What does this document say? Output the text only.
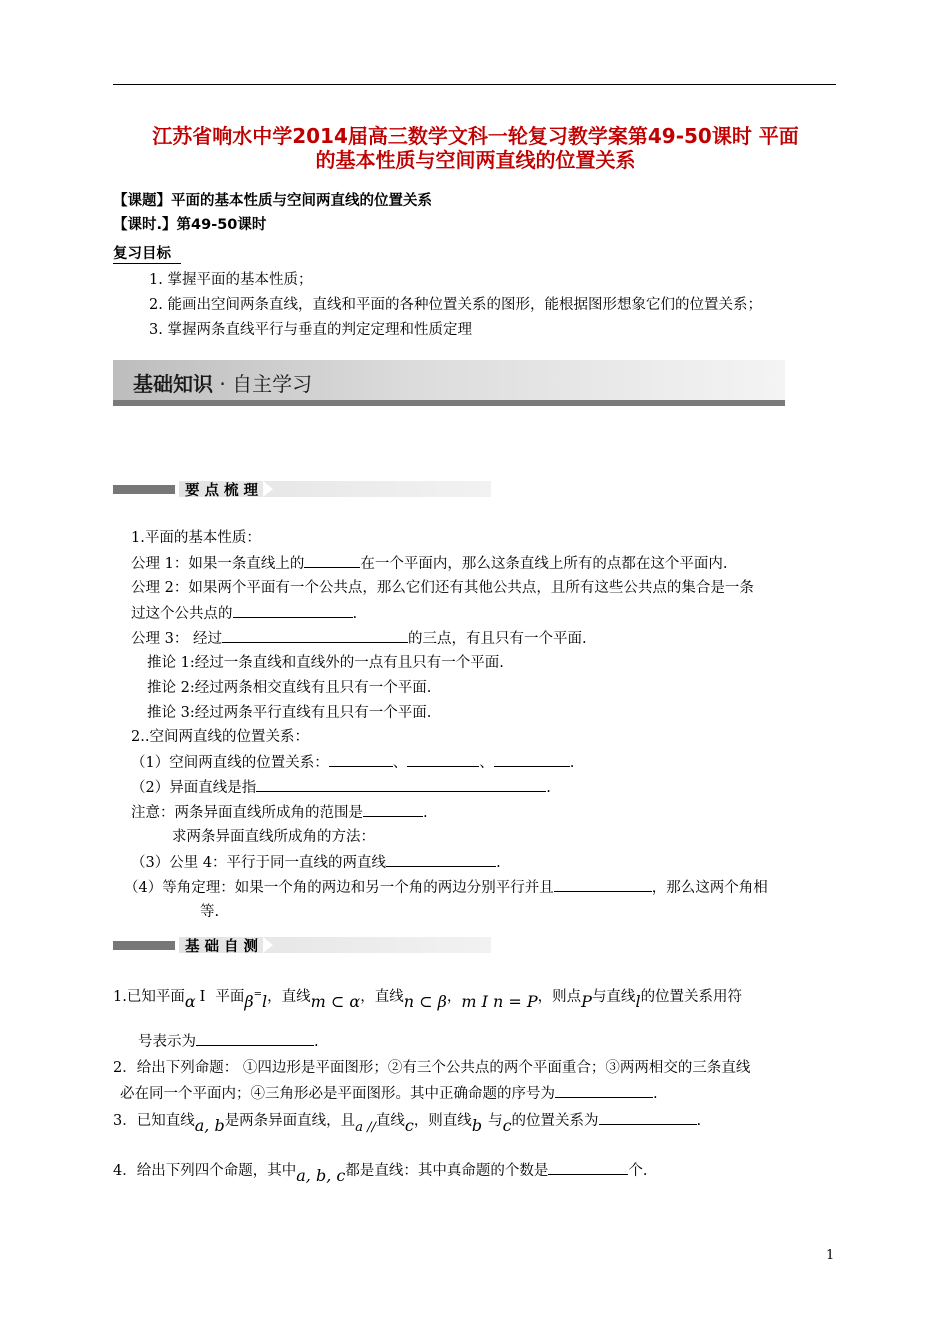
江苏省响水中学2014届高三数学文科一轮复习教学案第49-50课时 平面
的基本性质与空间两直线的位置关系
【课题】平面的基本性质与空间两直线的位置关系
【课时.】第49-50课时
复习目标
1. 掌握平面的基本性质；
2. 能画出空间两条直线，直线和平面的各种位置关系的图形，能根据图形想象它们的位置关系；
3. 掌握两条直线平行与垂直的判定定理和性质定理
基础知识 · 自主学习
要点梳理
1.平面的基本性质：
公理 1：如果一条直线上的	在一个平面内，那么这条直线上所有的点都在这个平面内.
公理 2：如果两个平面有一个公共点，那么它们还有其他公共点，且所有这些公共点的集合是一条
过这个公共点的	.
公理 3： 经过	的三点，有且只有一个平面.
推论 1:经过一条直线和直线外的一点有且只有一个平面.
推论 2:经过两条相交直线有且只有一个平面.
推论 3:经过两条平行直线有且只有一个平面.
2..空间两直线的位置关系：
（1）空间两直线的位置关系：	、	、	.
（2）异面直线是指	.
注意：两条异面直线所成角的范围是	.
求两条异面直线所成角的方法：
（3）公里 4：平行于同一直线的两直线	.
（4）等角定理：如果一个角的两边和另一个角的两边分别平行并且	，那么这两个角相
等.
基础自测
1.已知平面α I 平面β=l，直线m ⊂ α，直线n ⊂ β，m I n = P，则点P与直线l的位置关系用符
号表示为	.
2．给出下列命题： ①四边形是平面图形；②有三个公共点的两个平面重合；③两两相交的三条直线
必在同一个平面内；④三角形必是平面图形。其中正确命题的序号为	.
3．已知直线a, b是两条异面直线，且a //直线c，则直线b 与c的位置关系为	.
4．给出下列四个命题，其中a, b, c都是直线：其中真命题的个数是	个.
1
